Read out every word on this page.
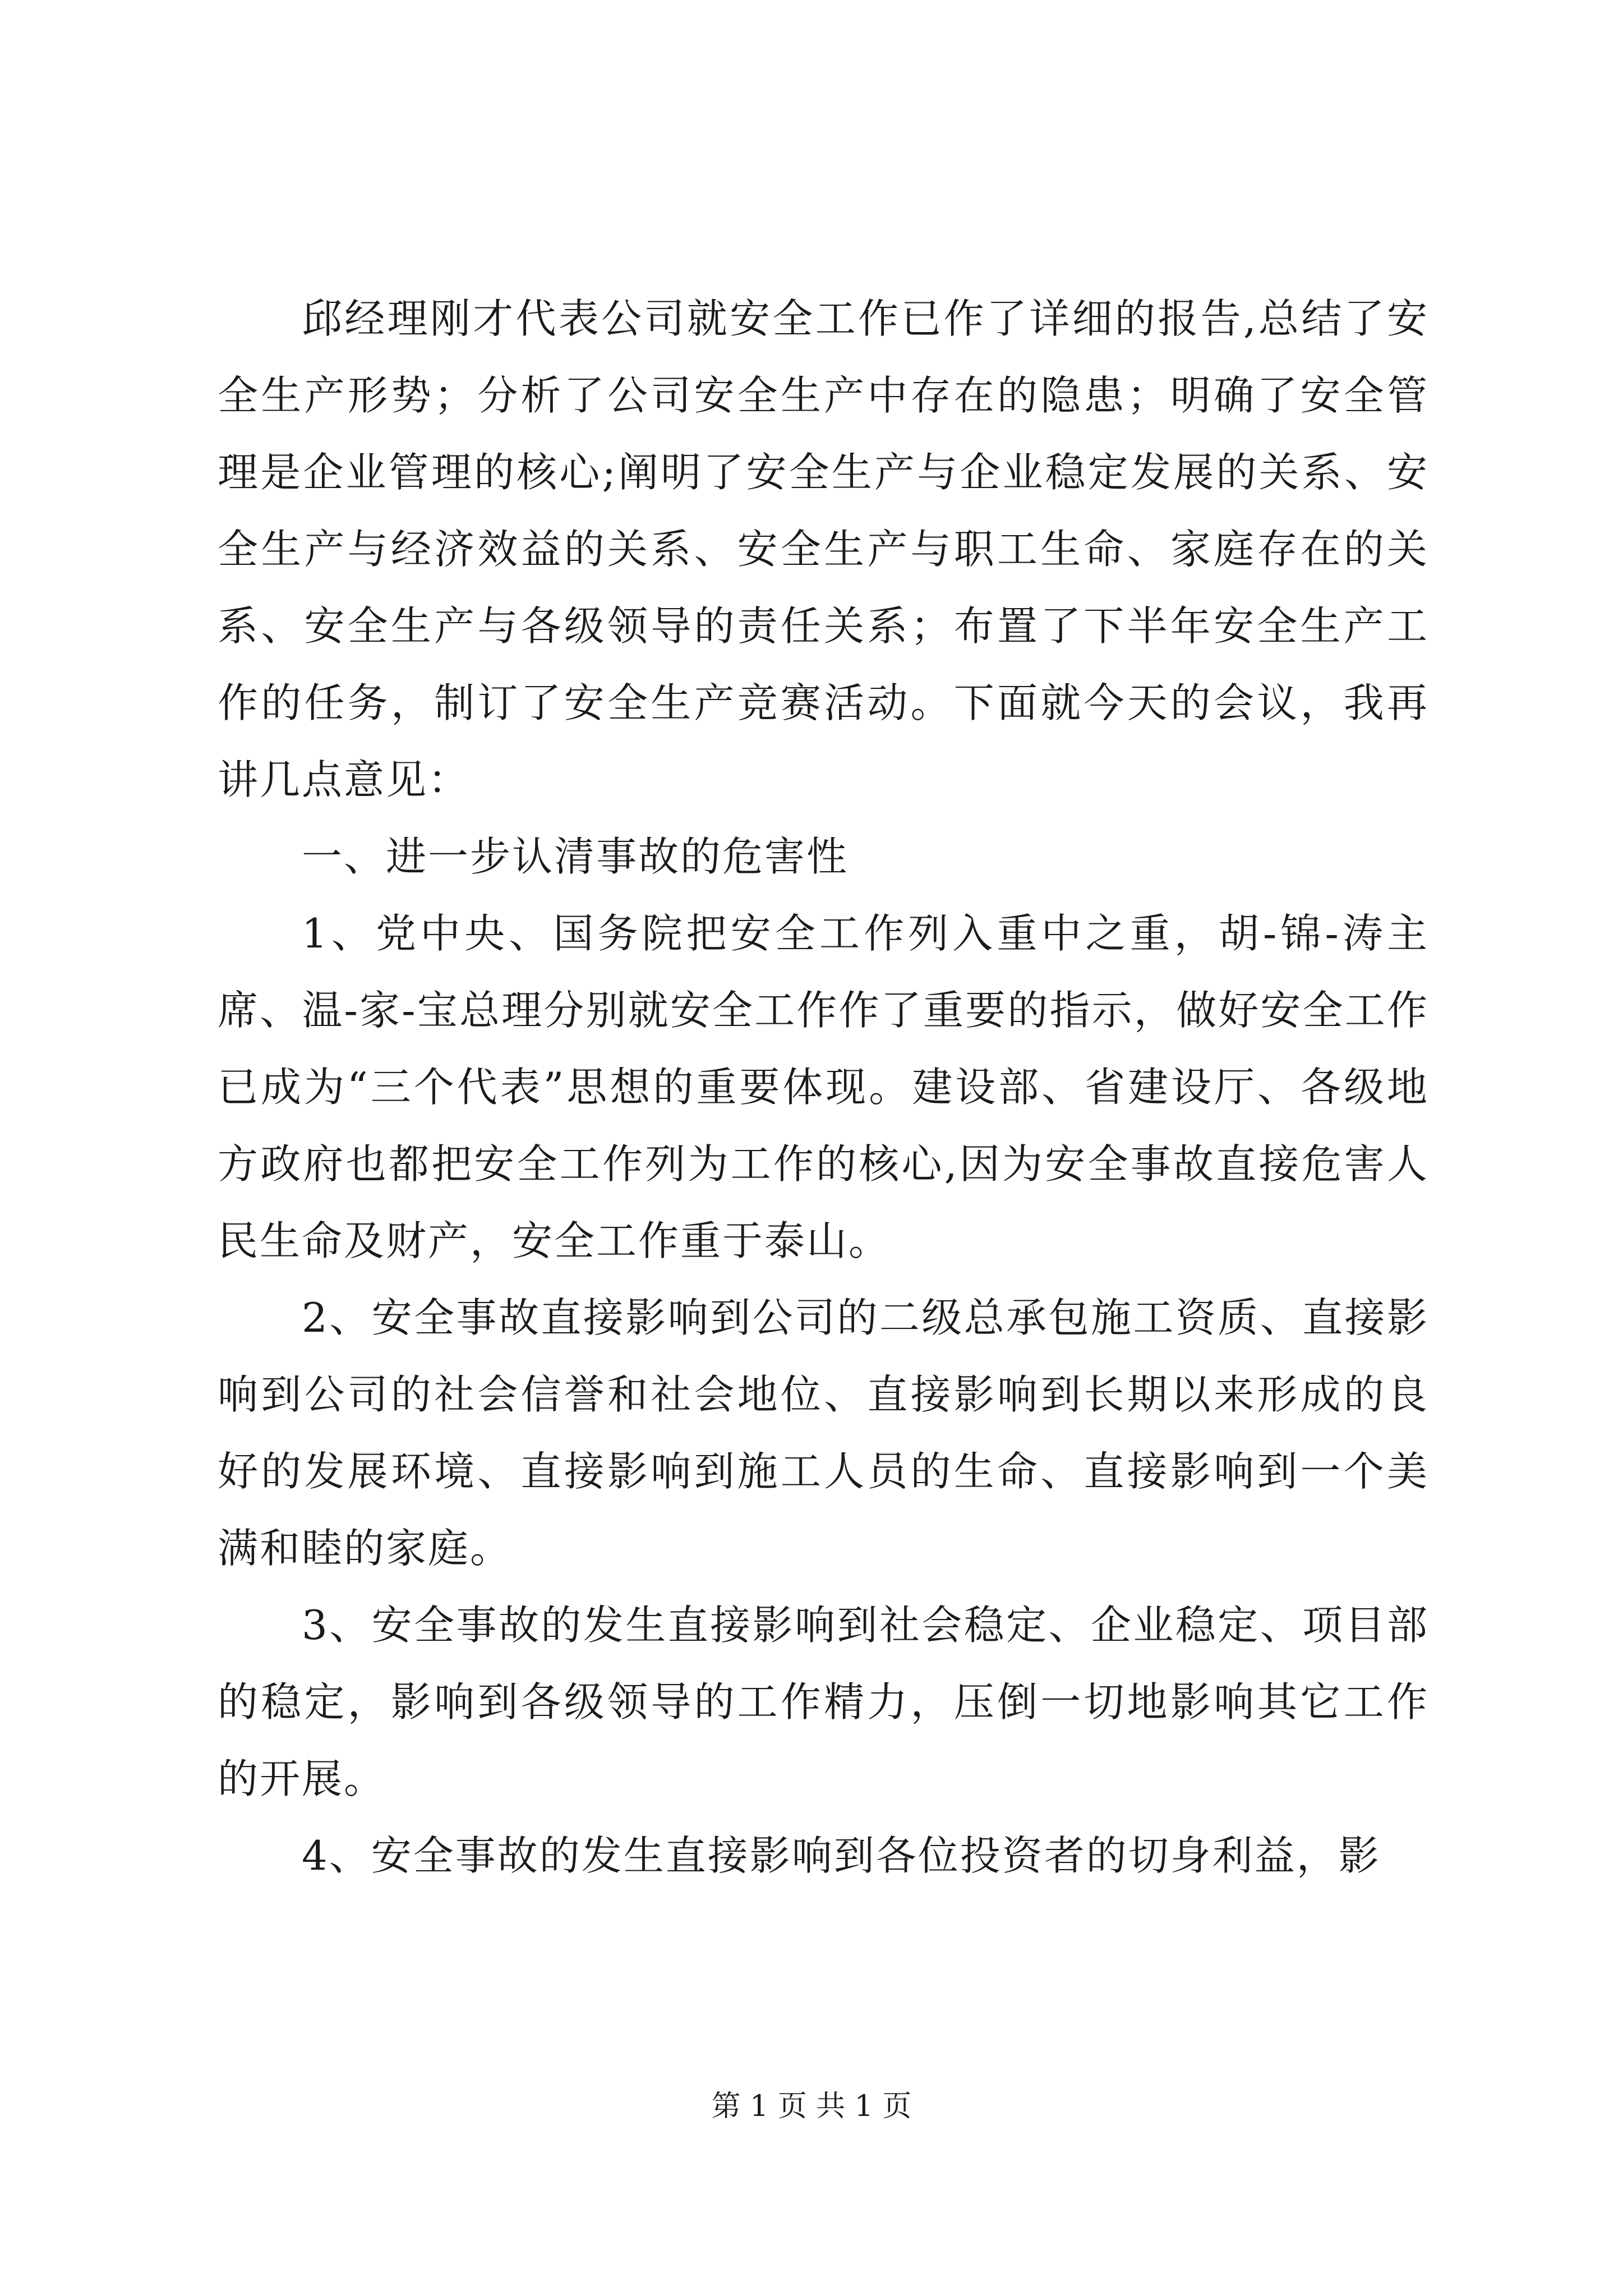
邱经理刚才代表公司就安全工作已作了详细的报告,总结了安全生产形势；分析了公司安全生产中存在的隐患；明确了安全管理是企业管理的核心;阐明了安全生产与企业稳定发展的关系、安全生产与经济效益的关系、安全生产与职工生命、家庭存在的关系、安全生产与各级领导的责任关系；布置了下半年安全生产工作的任务，制订了安全生产竞赛活动。下面就今天的会议，我再讲几点意见：

一、进一步认清事故的危害性

1、党中央、国务院把安全工作列入重中之重，胡-锦-涛主席、温-家-宝总理分别就安全工作作了重要的指示，做好安全工作已成为“三个代表”思想的重要体现。建设部、省建设厅、各级地方政府也都把安全工作列为工作的核心,因为安全事故直接危害人民生命及财产，安全工作重于泰山。

2、安全事故直接影响到公司的二级总承包施工资质、直接影响到公司的社会信誉和社会地位、直接影响到长期以来形成的良好的发展环境、直接影响到施工人员的生命、直接影响到一个美满和睦的家庭。

3、安全事故的发生直接影响到社会稳定、企业稳定、项目部的稳定，影响到各级领导的工作精力，压倒一切地影响其它工作的开展。

4、安全事故的发生直接影响到各位投资者的切身利益，影

第 1 页 共 1 页
